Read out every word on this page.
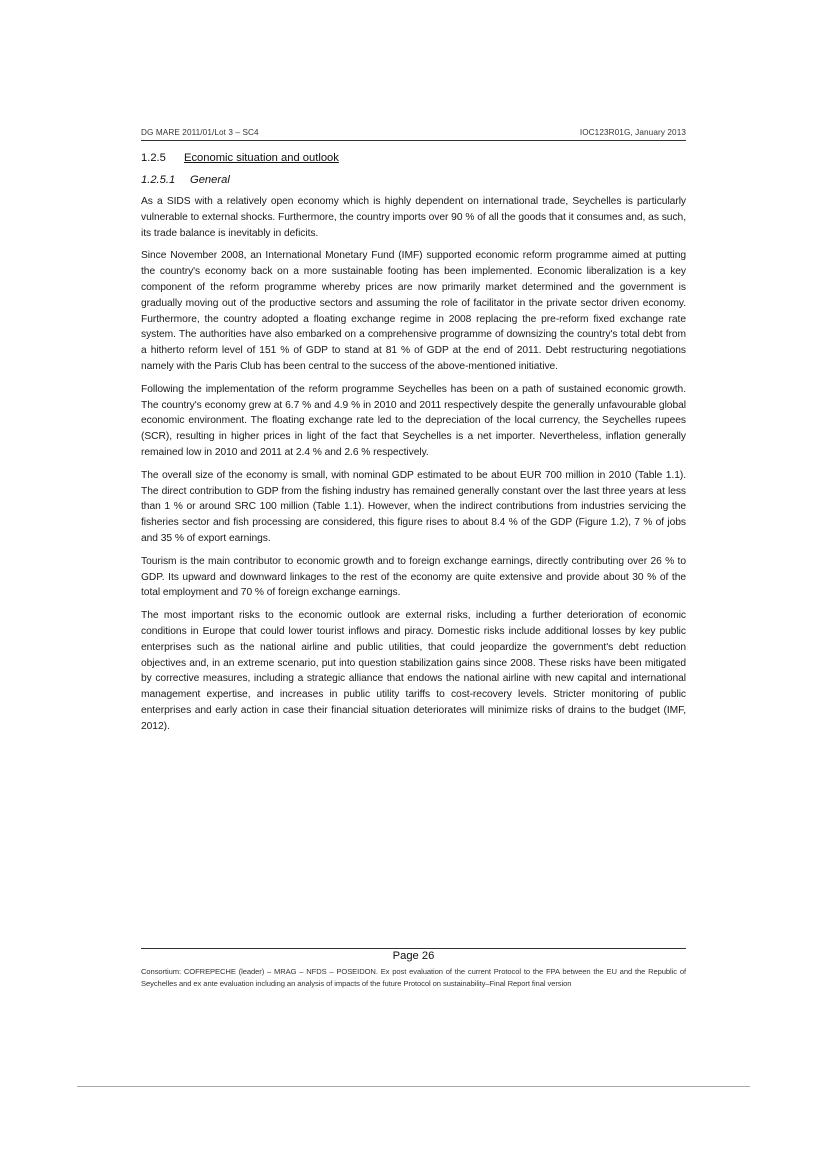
DG MARE 2011/01/Lot 3 – SC4	IOC123R01G, January 2013
1.2.5 Economic situation and outlook
1.2.5.1 General

As a SIDS with a relatively open economy which is highly dependent on international trade, Seychelles is particularly vulnerable to external shocks. Furthermore, the country imports over 90 % of all the goods that it consumes and, as such, its trade balance is inevitably in deficits.

Since November 2008, an International Monetary Fund (IMF) supported economic reform programme aimed at putting the country's economy back on a more sustainable footing has been implemented. Economic liberalization is a key component of the reform programme whereby prices are now primarily market determined and the government is gradually moving out of the productive sectors and assuming the role of facilitator in the private sector driven economy. Furthermore, the country adopted a floating exchange regime in 2008 replacing the pre-reform fixed exchange rate system. The authorities have also embarked on a comprehensive programme of downsizing the country's total debt from a hitherto reform level of 151 % of GDP to stand at 81 % of GDP at the end of 2011. Debt restructuring negotiations namely with the Paris Club has been central to the success of the above-mentioned initiative.

Following the implementation of the reform programme Seychelles has been on a path of sustained economic growth. The country's economy grew at 6.7 % and 4.9 % in 2010 and 2011 respectively despite the generally unfavourable global economic environment. The floating exchange rate led to the depreciation of the local currency, the Seychelles rupees (SCR), resulting in higher prices in light of the fact that Seychelles is a net importer. Nevertheless, inflation generally remained low in 2010 and 2011 at 2.4 % and 2.6 % respectively.

The overall size of the economy is small, with nominal GDP estimated to be about EUR 700 million in 2010 (Table 1.1). The direct contribution to GDP from the fishing industry has remained generally constant over the last three years at less than 1 % or around SRC 100 million (Table 1.1). However, when the indirect contributions from industries servicing the fisheries sector and fish processing are considered, this figure rises to about 8.4 % of the GDP (Figure 1.2), 7 % of jobs and 35 % of export earnings.

Tourism is the main contributor to economic growth and to foreign exchange earnings, directly contributing over 26 % to GDP. Its upward and downward linkages to the rest of the economy are quite extensive and provide about 30 % of the total employment and 70 % of foreign exchange earnings.

The most important risks to the economic outlook are external risks, including a further deterioration of economic conditions in Europe that could lower tourist inflows and piracy. Domestic risks include additional losses by key public enterprises such as the national airline and public utilities, that could jeopardize the government's debt reduction objectives and, in an extreme scenario, put into question stabilization gains since 2008. These risks have been mitigated by corrective measures, including a strategic alliance that endows the national airline with new capital and international management expertise, and increases in public utility tariffs to cost-recovery levels. Stricter monitoring of public enterprises and early action in case their financial situation deteriorates will minimize risks of drains to the budget (IMF, 2012).

Page 26
Consortium: COFREPECHE (leader) – MRAG – NFDS – POSEIDON. Ex post evaluation of the current Protocol to the FPA between the EU and the Republic of Seychelles and ex ante evaluation including an analysis of impacts of the future Protocol on sustainability–Final Report final version
